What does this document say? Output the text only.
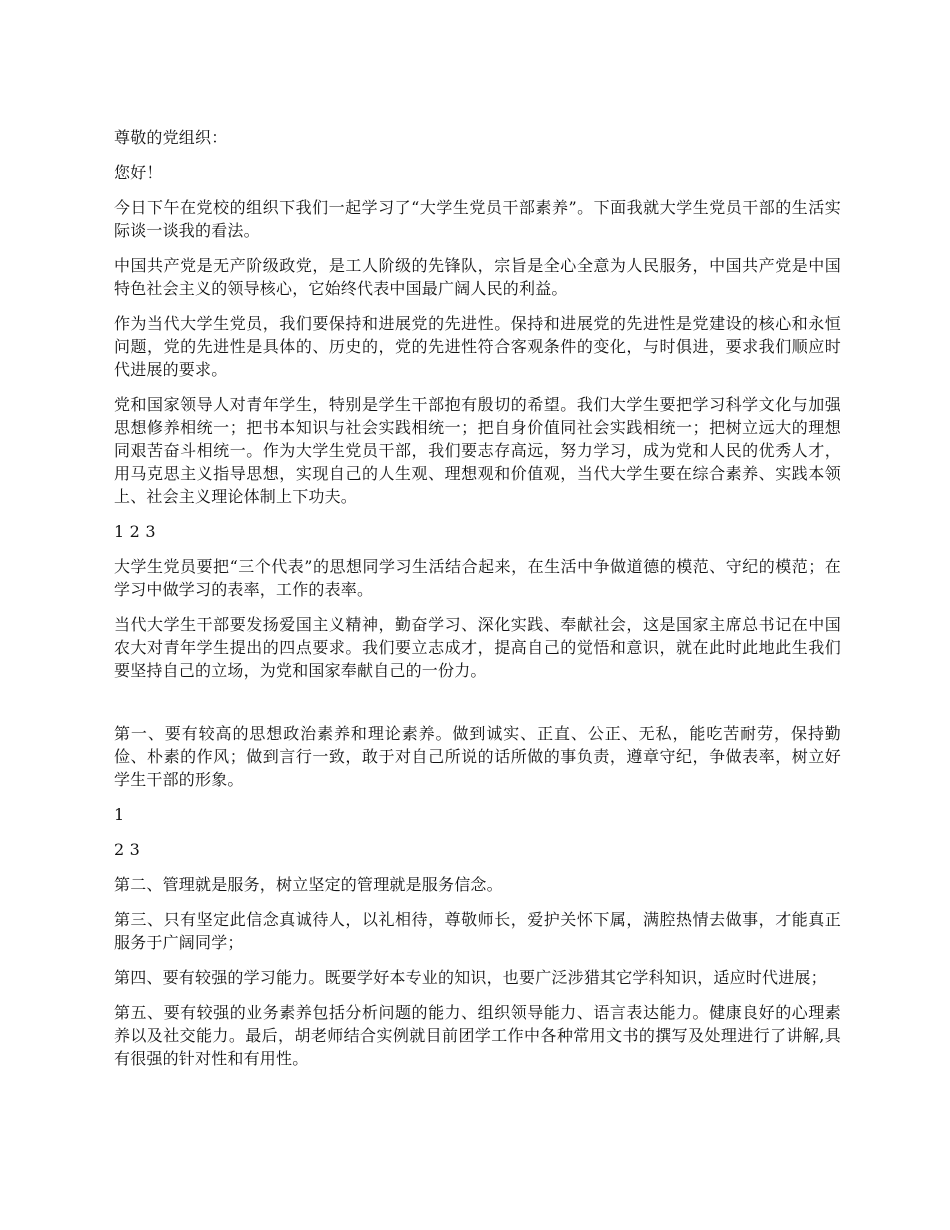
尊敬的党组织：

您好！

今日下午在党校的组织下我们一起学习了“大学生党员干部素养”。下面我就大学生党员干部的生活实际谈一谈我的看法。

中国共产党是无产阶级政党，是工人阶级的先锋队，宗旨是全心全意为人民服务，中国共产党是中国特色社会主义的领导核心，它始终代表中国最广阔人民的利益。

作为当代大学生党员，我们要保持和进展党的先进性。保持和进展党的先进性是党建设的核心和永恒问题，党的先进性是具体的、历史的，党的先进性符合客观条件的变化，与时俱进，要求我们顺应时代进展的要求。

党和国家领导人对青年学生，特别是学生干部抱有殷切的希望。我们大学生要把学习科学文化与加强思想修养相统一；把书本知识与社会实践相统一；把自身价值同社会实践相统一；把树立远大的理想同艰苦奋斗相统一。作为大学生党员干部，我们要志存高远，努力学习，成为党和人民的优秀人才，用马克思主义指导思想，实现自己的人生观、理想观和价值观，当代大学生要在综合素养、实践本领上、社会主义理论体制上下功夫。

1 2 3

大学生党员要把“三个代表”的思想同学习生活结合起来，在生活中争做道德的模范、守纪的模范；在学习中做学习的表率，工作的表率。

当代大学生干部要发扬爱国主义精神，勤奋学习、深化实践、奉献社会，这是国家主席总书记在中国农大对青年学生提出的四点要求。我们要立志成才，提高自己的觉悟和意识，就在此时此地此生我们要坚持自己的立场，为党和国家奉献自己的一份力。

第一、要有较高的思想政治素养和理论素养。做到诚实、正直、公正、无私，能吃苦耐劳，保持勤俭、朴素的作风；做到言行一致，敢于对自己所说的话所做的事负责，遵章守纪，争做表率，树立好学生干部的形象。

1

2 3

第二、管理就是服务，树立坚定的管理就是服务信念。

第三、只有坚定此信念真诚待人，以礼相待，尊敬师长，爱护关怀下属，满腔热情去做事，才能真正服务于广阔同学；

第四、要有较强的学习能力。既要学好本专业的知识，也要广泛涉猎其它学科知识，适应时代进展；

第五、要有较强的业务素养包括分析问题的能力、组织领导能力、语言表达能力。健康良好的心理素养以及社交能力。最后，胡老师结合实例就目前团学工作中各种常用文书的撰写及处理进行了讲解,具有很强的针对性和有用性。
